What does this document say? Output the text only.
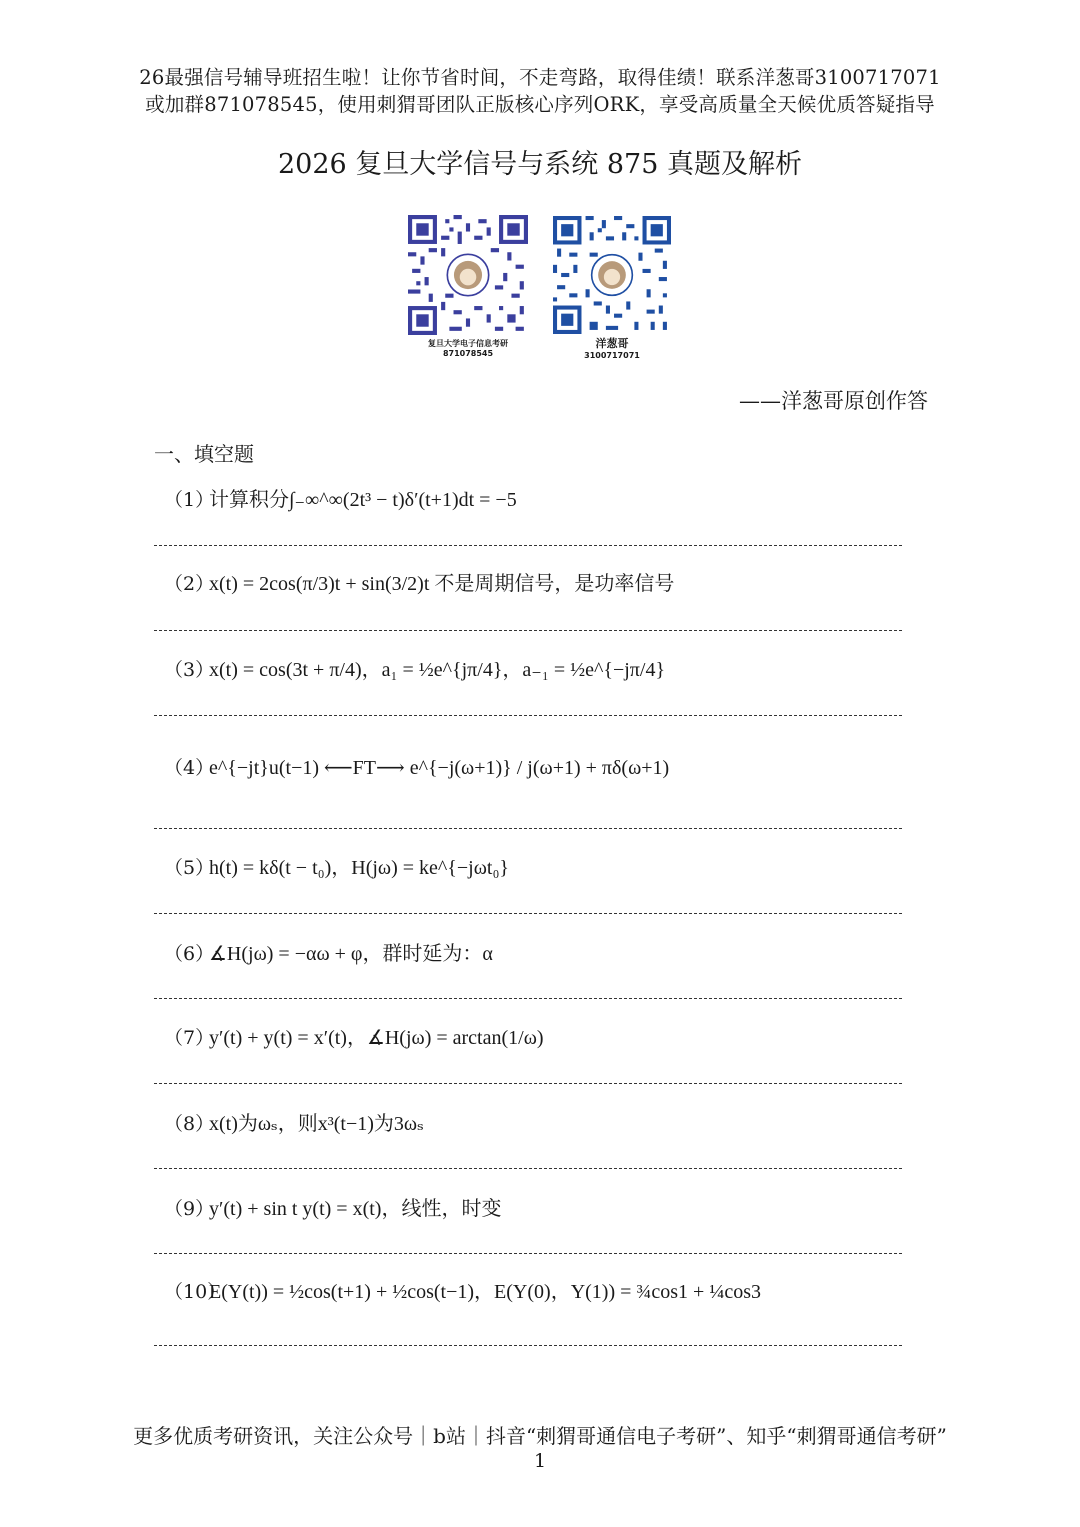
26最强信号辅导班招生啦！让你节省时间，不走弯路，取得佳绩！联系洋葱哥3100717071
或加群871078545，使用刺猬哥团队正版核心序列ORK，享受高质量全天候优质答疑指导
2026 复旦大学信号与系统 875 真题及解析
复旦大学电子信息考研
871078545
洋葱哥
3100717071
——洋葱哥原创作答
一、填空题
（1）计算积分∫₋∞^∞(2t³ − t)δ′(t+1)dt = −5
（2）x(t) = 2cos(π/3)t + sin(3/2)t 不是周期信号，是功率信号
（3）x(t) = cos(3t + π/4)，a₁ = ½e^{jπ/4}，a₋₁ = ½e^{−jπ/4}
（4）e^{−jt}u(t−1) ⟵FT⟶ e^{−j(ω+1)} / j(ω+1) + πδ(ω+1)
（5）h(t) = kδ(t − t₀)，H(jω) = ke^{−jωt₀}
（6）∡H(jω) = −αω + φ，群时延为：α
（7）y′(t) + y(t) = x′(t)，∡H(jω) = arctan(1/ω)
（8）x(t)为ωₛ，则x³(t−1)为3ωₛ
（9）y′(t) + sin t y(t) = x(t)，线性，时变
（10）E(Y(t)) = ½cos(t+1) + ½cos(t−1)，E(Y(0)，Y(1)) = ¾cos1 + ¼cos3
更多优质考研资讯，关注公众号｜b站｜抖音“刺猬哥通信电子考研”、知乎“刺猬哥通信考研”
1
